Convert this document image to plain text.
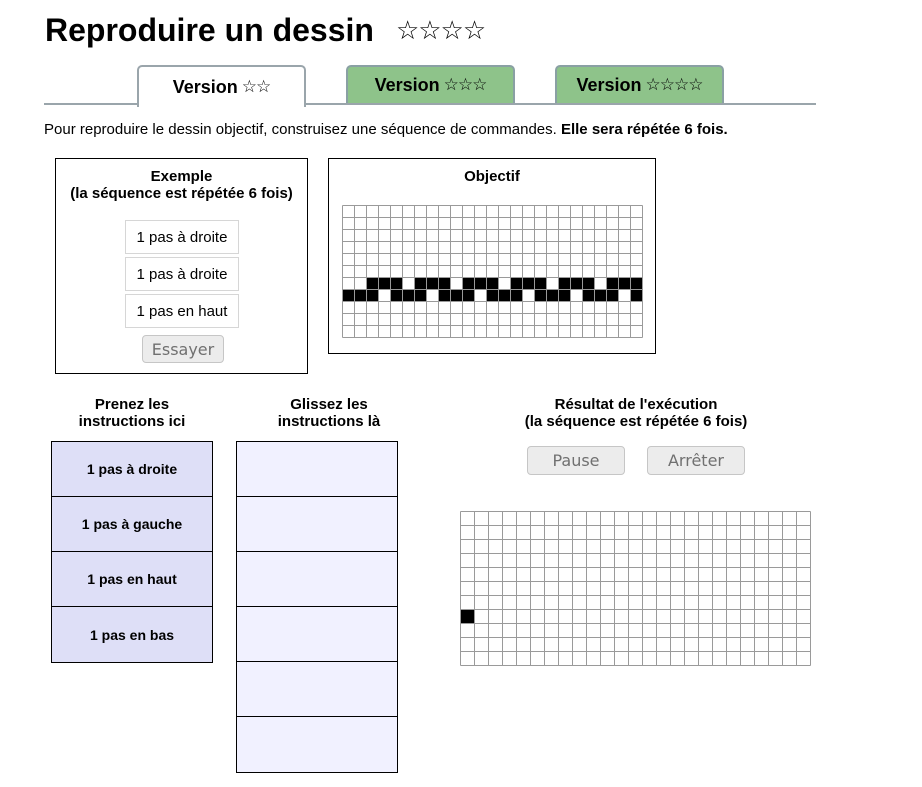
Reproduire un dessin ☆☆☆☆
Version ☆☆	Version ☆☆☆	Version ☆☆☆☆
Pour reproduire le dessin objectif, construisez une séquence de commandes. Elle sera répétée 6 fois.
Exemple
(la séquence est répétée 6 fois)
1 pas à droite
1 pas à droite
1 pas en haut
Essayer
Objectif
Prenez les
instructions ici
Glissez les
instructions là
Résultat de l'exécution
(la séquence est répétée 6 fois)
1 pas à droite
1 pas à gauche
1 pas en haut
1 pas en bas
Pause	Arrêter
